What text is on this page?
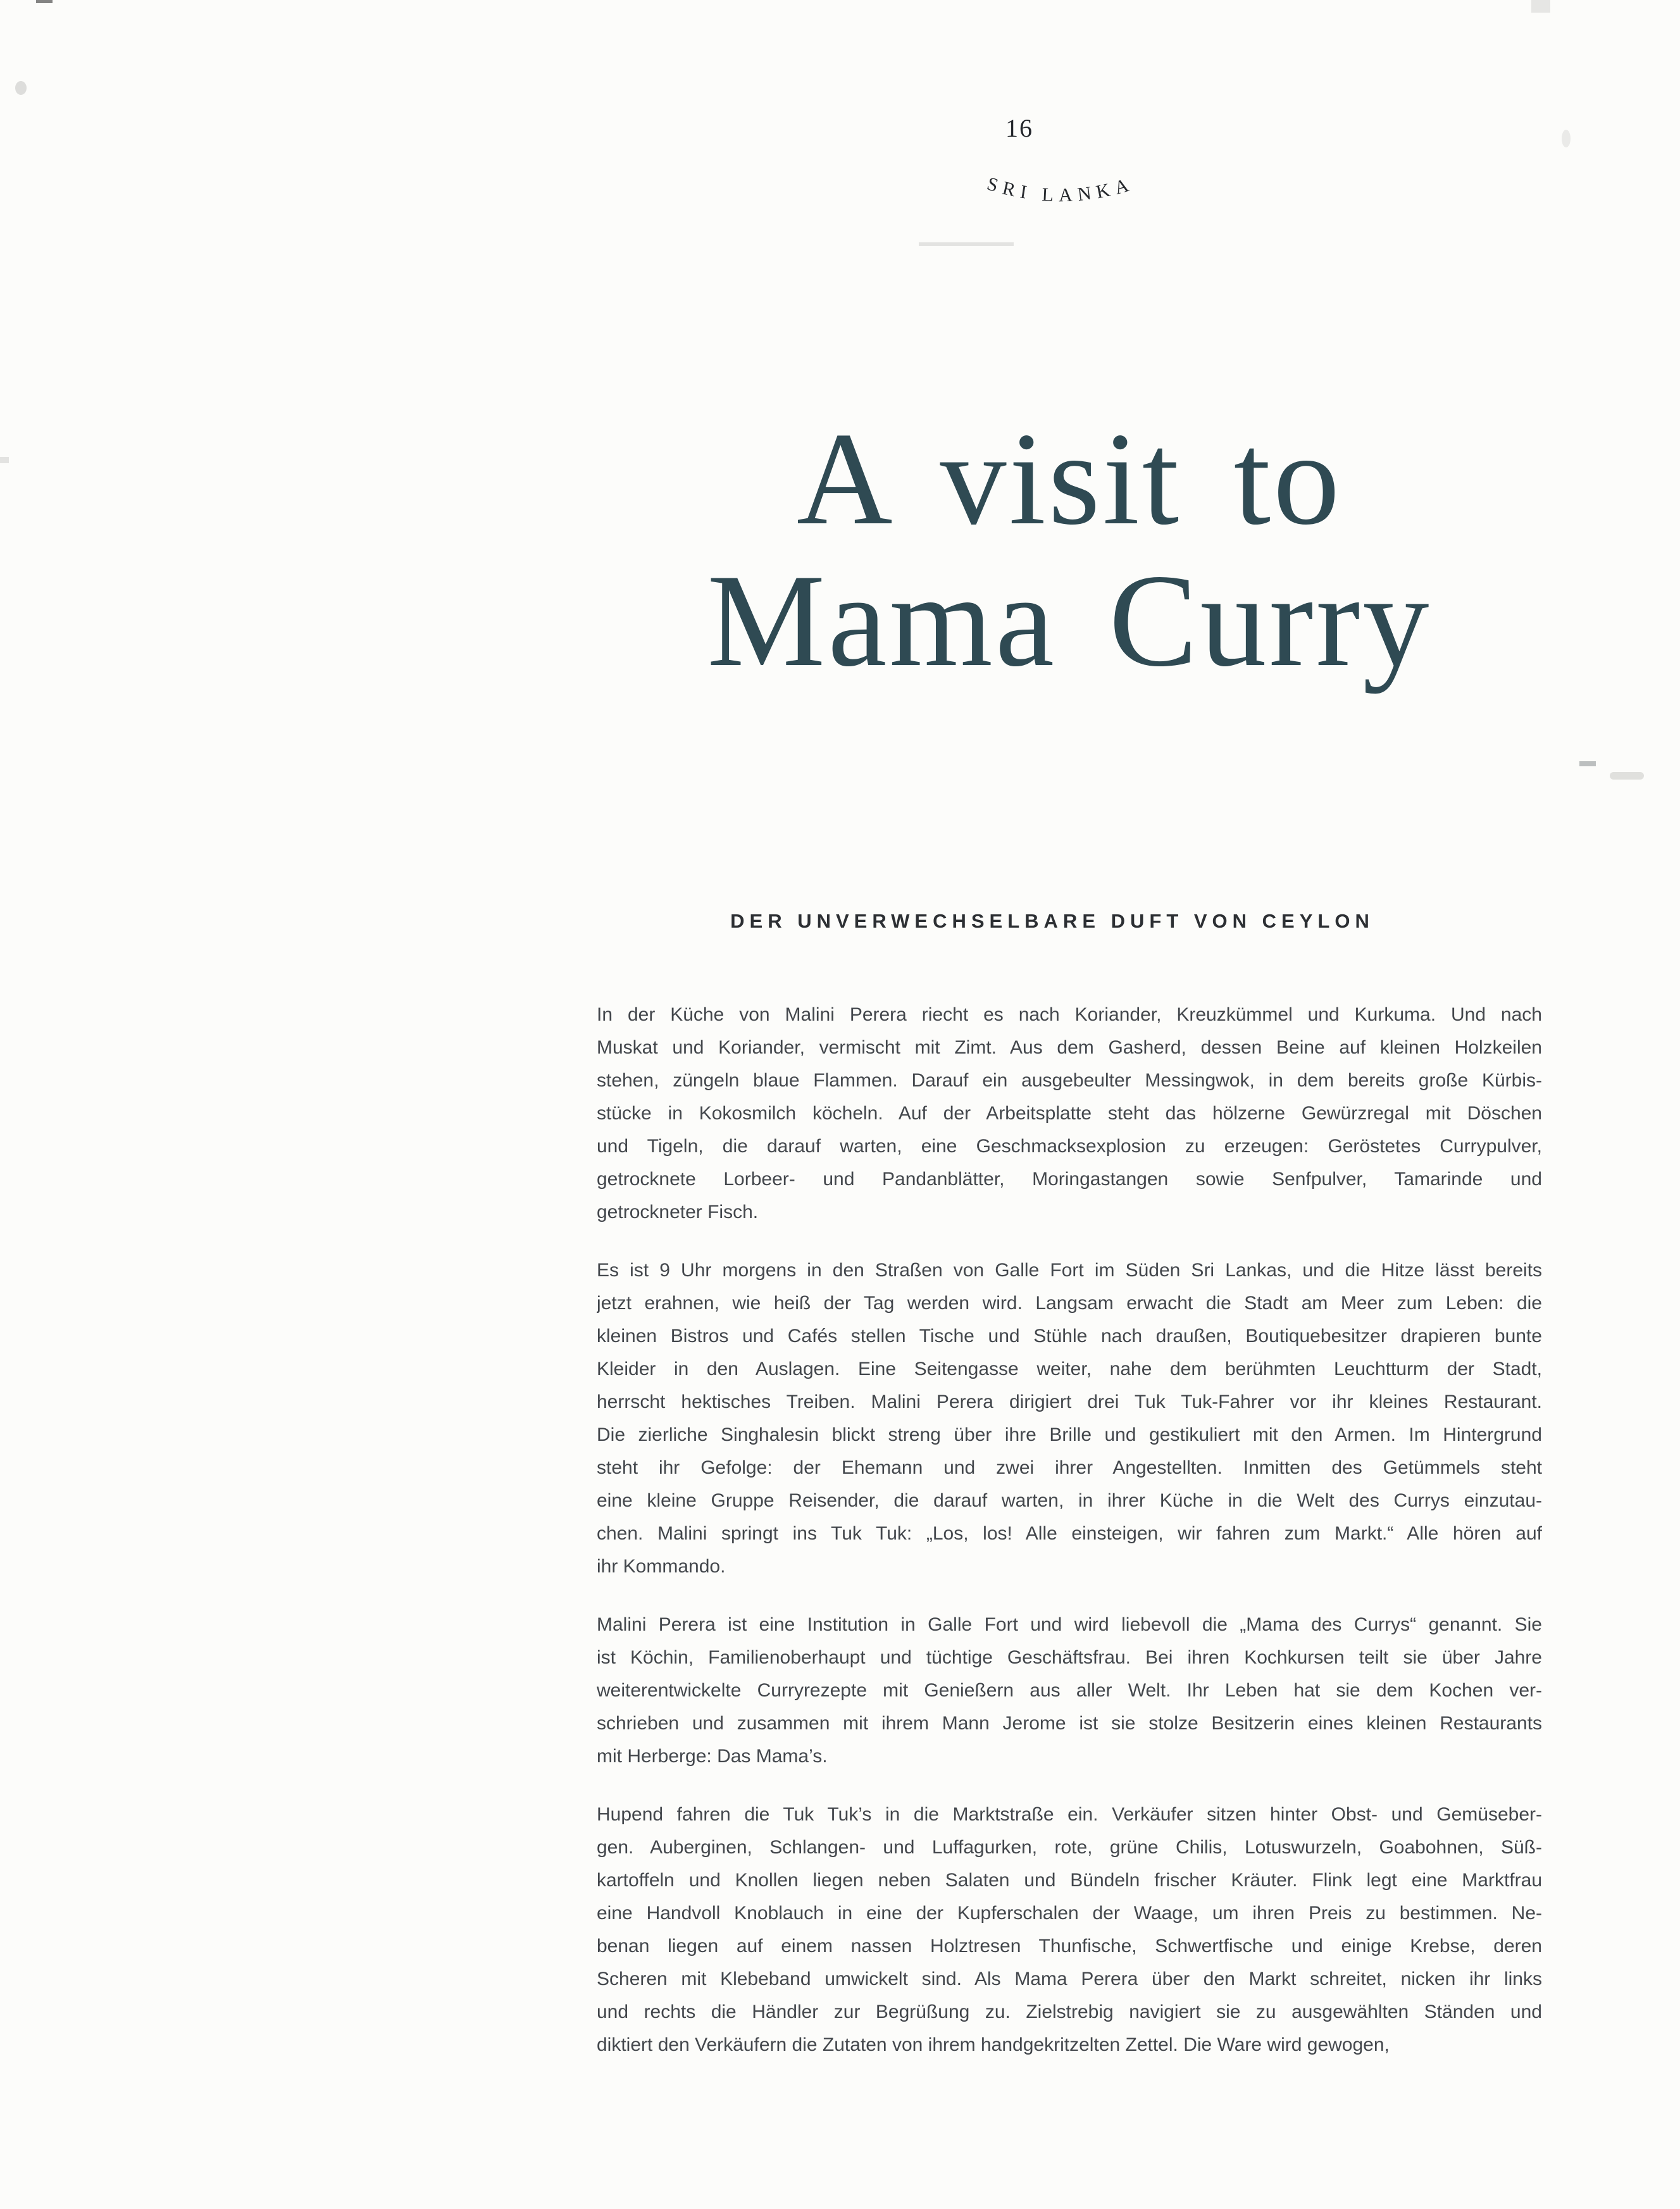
16
SRI LANKA
A visit to
Mama Curry
DER UNVERWECHSELBARE DUFT VON CEYLON
In der Küche von Malini Perera riecht es nach Koriander, Kreuzkümmel und Kurkuma. Und nach
Muskat und Koriander, vermischt mit Zimt. Aus dem Gasherd, dessen Beine auf kleinen Holzkeilen
stehen, züngeln blaue Flammen. Darauf ein ausgebeulter Messingwok, in dem bereits große Kürbis-
stücke in Kokosmilch köcheln. Auf der Arbeitsplatte steht das hölzerne Gewürzregal mit Döschen
und Tigeln, die darauf warten, eine Geschmacksexplosion zu erzeugen: Geröstetes Currypulver,
getrocknete Lorbeer- und Pandanblätter, Moringastangen sowie Senfpulver, Tamarinde und
getrockneter Fisch.
Es ist 9 Uhr morgens in den Straßen von Galle Fort im Süden Sri Lankas, und die Hitze lässt bereits
jetzt erahnen, wie heiß der Tag werden wird. Langsam erwacht die Stadt am Meer zum Leben: die
kleinen Bistros und Cafés stellen Tische und Stühle nach draußen, Boutiquebesitzer drapieren bunte
Kleider in den Auslagen. Eine Seitengasse weiter, nahe dem berühmten Leuchtturm der Stadt,
herrscht hektisches Treiben. Malini Perera dirigiert drei Tuk Tuk-Fahrer vor ihr kleines Restaurant.
Die zierliche Singhalesin blickt streng über ihre Brille und gestikuliert mit den Armen. Im Hintergrund
steht ihr Gefolge: der Ehemann und zwei ihrer Angestellten. Inmitten des Getümmels steht
eine kleine Gruppe Reisender, die darauf warten, in ihrer Küche in die Welt des Currys einzutau-
chen. Malini springt ins Tuk Tuk: „Los, los! Alle einsteigen, wir fahren zum Markt.“ Alle hören auf
ihr Kommando.
Malini Perera ist eine Institution in Galle Fort und wird liebevoll die „Mama des Currys“ genannt. Sie
ist Köchin, Familienoberhaupt und tüchtige Geschäftsfrau. Bei ihren Kochkursen teilt sie über Jahre
weiterentwickelte Curryrezepte mit Genießern aus aller Welt. Ihr Leben hat sie dem Kochen ver-
schrieben und zusammen mit ihrem Mann Jerome ist sie stolze Besitzerin eines kleinen Restaurants
mit Herberge: Das Mama’s.
Hupend fahren die Tuk Tuk’s in die Marktstraße ein. Verkäufer sitzen hinter Obst- und Gemüseber-
gen. Auberginen, Schlangen- und Luffagurken, rote, grüne Chilis, Lotuswurzeln, Goabohnen, Süß-
kartoffeln und Knollen liegen neben Salaten und Bündeln frischer Kräuter. Flink legt eine Marktfrau
eine Handvoll Knoblauch in eine der Kupferschalen der Waage, um ihren Preis zu bestimmen. Ne-
benan liegen auf einem nassen Holztresen Thunfische, Schwertfische und einige Krebse, deren
Scheren mit Klebeband umwickelt sind. Als Mama Perera über den Markt schreitet, nicken ihr links
und rechts die Händler zur Begrüßung zu. Zielstrebig navigiert sie zu ausgewählten Ständen und
diktiert den Verkäufern die Zutaten von ihrem handgekritzelten Zettel. Die Ware wird gewogen,
